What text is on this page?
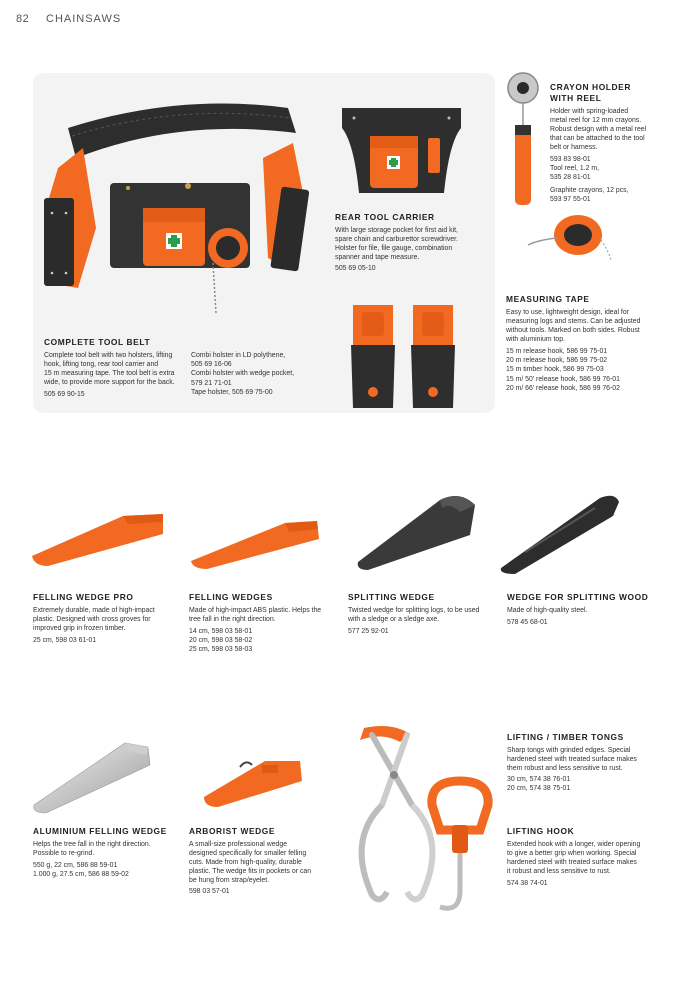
82 CHAINSAWS
CRAYON HOLDER
WITH REEL
Holder with spring-loaded
metal reel for 12 mm crayons.
Robust design with a metal reel
that can be attached to the tool
belt or harness.
593 83 98-01
Tool reel, 1.2 m,
535 28 81-01
Graphite crayons, 12 pcs,
593 97 55-01
REAR TOOL CARRIER
With large storage pocket for first aid kit,
spare chain and carburettor screwdriver.
Holster for file, file gauge, combination
spanner and tape measure.
505 69 05-10
MEASURING TAPE
Easy to use, lightweight design, ideal for
measuring logs and stems. Can be adjusted
without tools. Marked on both sides. Robust
with aluminium top.
15 m release hook, 586 99 75-01
20 m release hook, 586 99 75-02
15 m timber hook, 586 99 75-03
15 m/ 50' release hook, 586 99 76-01
20 m/ 66' release hook, 586 99 76-02
COMPLETE TOOL BELT
Complete tool belt with two holsters, lifting
hook, lifting tong, rear tool carrier and
15 m measuring tape. The tool belt is extra
wide, to provide more support for the back.
505 69 90-15
Combi holster in LD polythene,
505 69 16-06
Combi holster with wedge pocket,
579 21 71-01
Tape holster, 505 69 75-00
FELLING WEDGE PRO
Extremely durable, made of high-impact
plastic. Designed with cross groves for
improved grip in frozen timber.
25 cm, 598 03 61-01
FELLING WEDGES
Made of high-impact ABS plastic. Helps the
tree fall in the right direction.
14 cm, 598 03 58-01
20 cm, 598 03 58-02
25 cm, 598 03 58-03
SPLITTING WEDGE
Twisted wedge for splitting logs, to be used
with a sledge or a sledge axe.
577 25 92-01
WEDGE FOR SPLITTING WOOD
Made of high-quality steel.
578 45 68-01
LIFTING / TIMBER TONGS
Sharp tongs with grinded edges. Special
hardened steel with treated surface makes
them robust and less sensitive to rust.
30 cm, 574 38 76-01
20 cm, 574 38 75-01
ALUMINIUM FELLING WEDGE
Helps the tree fall in the right direction.
Possible to re-grind.
550 g, 22 cm, 586 88 59-01
1.000 g, 27.5 cm, 586 88 59-02
ARBORIST WEDGE
A small-size professional wedge
designed specifically for smaller felling
cuts. Made from high-quality, durable
plastic. The wedge fits in pockets or can
be hung from strap/eyelet.
598 03 57-01
LIFTING HOOK
Extended hook with a longer, wider opening
to give a better grip when working. Special
hardened steel with treated surface makes
it robust and less sensitive to rust.
574 38 74-01
